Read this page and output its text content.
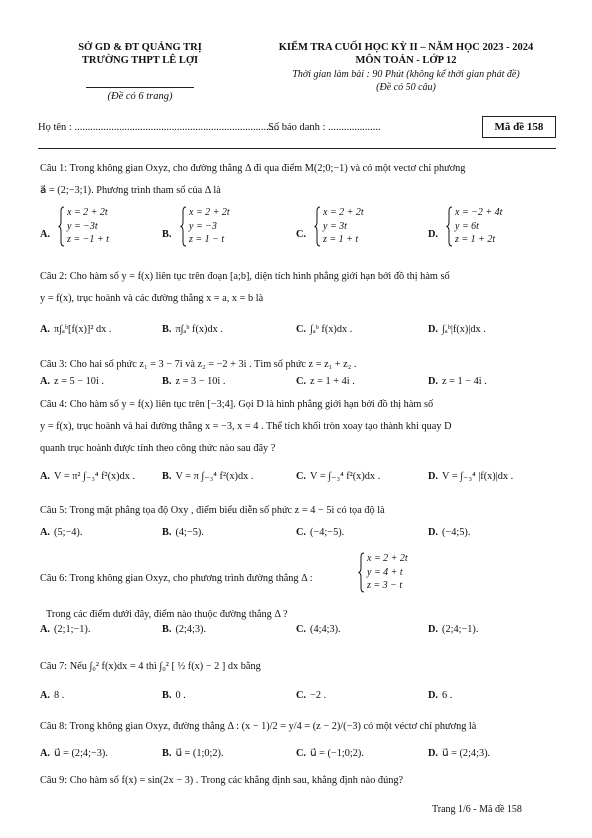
SỞ GD & ĐT QUẢNG TRỊ
TRƯỜNG THPT LÊ LỢI
(Đề có 6 trang)
KIỂM TRA CUỐI HỌC KỲ II – NĂM HỌC 2023 - 2024
MÔN TOÁN - LỚP 12
Thời gian làm bài : 90 Phút (không kể thời gian phát đề)
(Đề có 50 câu)
Họ tên : ..............................................................................
Số báo danh : ....................	Mã đề 158
Câu 1: Trong không gian Oxyz, cho đường thẳng Δ đi qua điểm M(2;0;−1) và có một vectơ chỉ phương
a⃗ = (2;−3;1). Phương trình tham số của Δ là
A.
x = 2 + 2t
y = −3t
z = −1 + t	B.
x = 2 + 2t
y = −3
z = 1 − t	C.
x = 2 + 2t
y = 3t
z = 1 + t	D.
x = −2 + 4t
y = 6t
z = 1 + 2t
Câu 2: Cho hàm số y = f(x) liên tục trên đoạn [a;b], diện tích hình phẳng giới hạn bởi đồ thị hàm số
y = f(x), trục hoành và các đường thẳng x = a, x = b là
A. π∫ₐᵇ[f(x)]² dx .	B. π∫ₐᵇ f(x)dx .	C. ∫ₐᵇ f(x)dx .	D. ∫ₐᵇ|f(x)|dx .
Câu 3: Cho hai số phức z₁ = 3 − 7i và z₂ = −2 + 3i . Tìm số phức z = z₁ + z₂ .
A. z = 5 − 10i .	B. z = 3 − 10i .	C. z = 1 + 4i .	D. z = 1 − 4i .
Câu 4: Cho hàm số y = f(x) liên tục trên [−3;4]. Gọi D là hình phẳng giới hạn bởi đồ thị hàm số
y = f(x), trục hoành và hai đường thẳng x = −3, x = 4 . Thể tích khối tròn xoay tạo thành khi quay D
quanh trục hoành được tính theo công thức nào sau đây ?
A. V = π² ∫₋₃⁴ f²(x)dx .	B. V = π ∫₋₃⁴ f²(x)dx .	C. V = ∫₋₃⁴ f²(x)dx .	D. V = ∫₋₃⁴ |f(x)|dx .
Câu 5: Trong mặt phẳng tọa độ Oxy , điểm biểu diễn số phức z = 4 − 5i có tọa độ là
A. (5;−4).	B. (4;−5).	C. (−4;−5).	D. (−4;5).
Câu 6: Trong không gian Oxyz, cho phương trình đường thẳng Δ :
x = 2 + 2t
y = 4 + t
z = 3 − t
Trong các điểm dưới đây, điểm nào thuộc đường thẳng Δ ?
A. (2;1;−1).	B. (2;4;3).	C. (4;4;3).	D. (2;4;−1).
Câu 7: Nếu ∫₀² f(x)dx = 4 thì ∫₀² [ ½ f(x) − 2 ] dx bằng
A. 8 .	B. 0 .	C. −2 .	D. 6 .
Câu 8: Trong không gian Oxyz, đường thẳng Δ : (x − 1)/2 = y/4 = (z − 2)/(−3) có một véctơ chỉ phương là
A. u⃗ = (2;4;−3).	B. u⃗ = (1;0;2).	C. u⃗ = (−1;0;2).	D. u⃗ = (2;4;3).
Câu 9: Cho hàm số f(x) = sin(2x − 3) . Trong các khẳng định sau, khẳng định nào đúng?
Trang 1/6 - Mã đề 158
